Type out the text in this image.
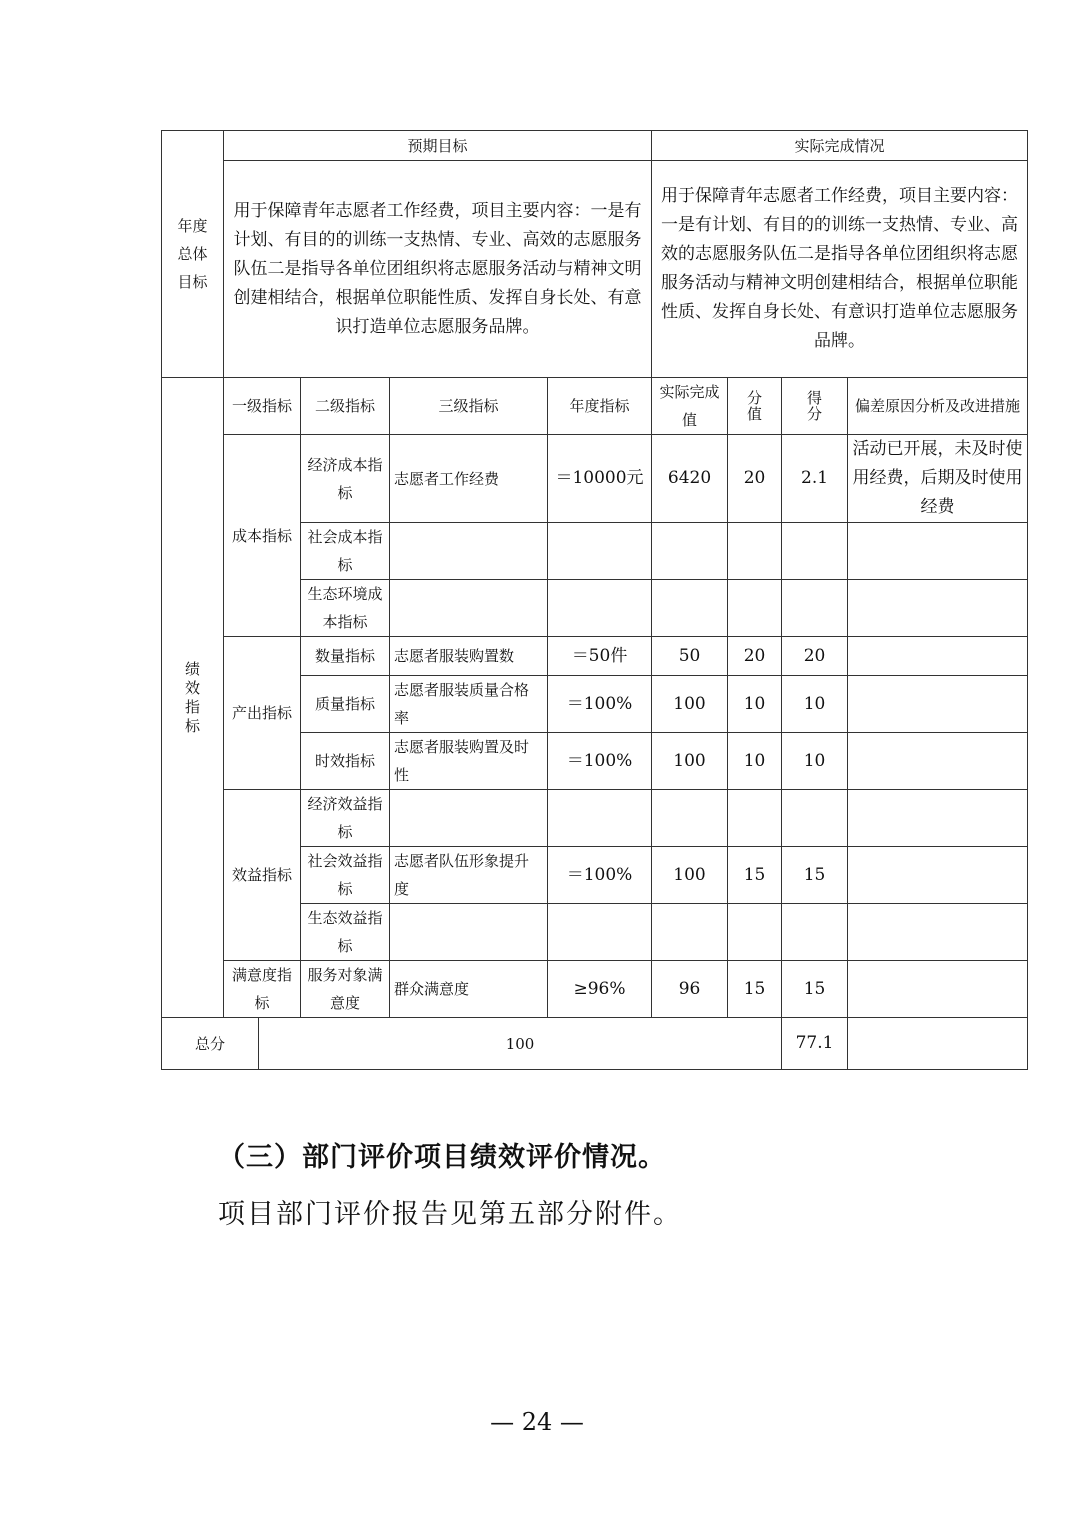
年度总体目标	预期目标					实际完成情况			
	用于保障青年志愿者工作经费，项目主要内容：一是有计划、有目的的训练一支热情、专业、高效的志愿服务队伍二是指导各单位团组织将志愿服务活动与精神文明创建相结合，根据单位职能性质、发挥自身长处、有意识打造单位志愿服务品牌。					用于保障青年志愿者工作经费，项目主要内容：一是有计划、有目的的训练一支热情、专业、高效的志愿服务队伍二是指导各单位团组织将志愿服务活动与精神文明创建相结合，根据单位职能性质、发挥自身长处、有意识打造单位志愿服务品牌。			

绩效指标	一级指标		二级指标	三级指标	年度指标	实际完成值	分值	得分	偏差原因分析及改进措施
	成本指标		经济成本指标	志愿者工作经费	＝10000元	6420	20	2.1	活动已开展，未及时使用经费，后期及时使用经费
			社会成本指标						
			生态环境成本指标						
	产出指标		数量指标	志愿者服装购置数	＝50件	50	20	20	
			质量指标	志愿者服装质量合格率	＝100%	100	10	10	
			时效指标	志愿者服装购置及时性	＝100%	100	10	10	
	效益指标		经济效益指标						
			社会效益指标	志愿者队伍形象提升度	＝100%	100	15	15	
			生态效益指标						
	满意度指标		服务对象满意度	群众满意度	≥96%	96	15	15	
总分		100						77.1	
（三）部门评价项目绩效评价情况。
项目部门评价报告见第五部分附件。
— 24 —
